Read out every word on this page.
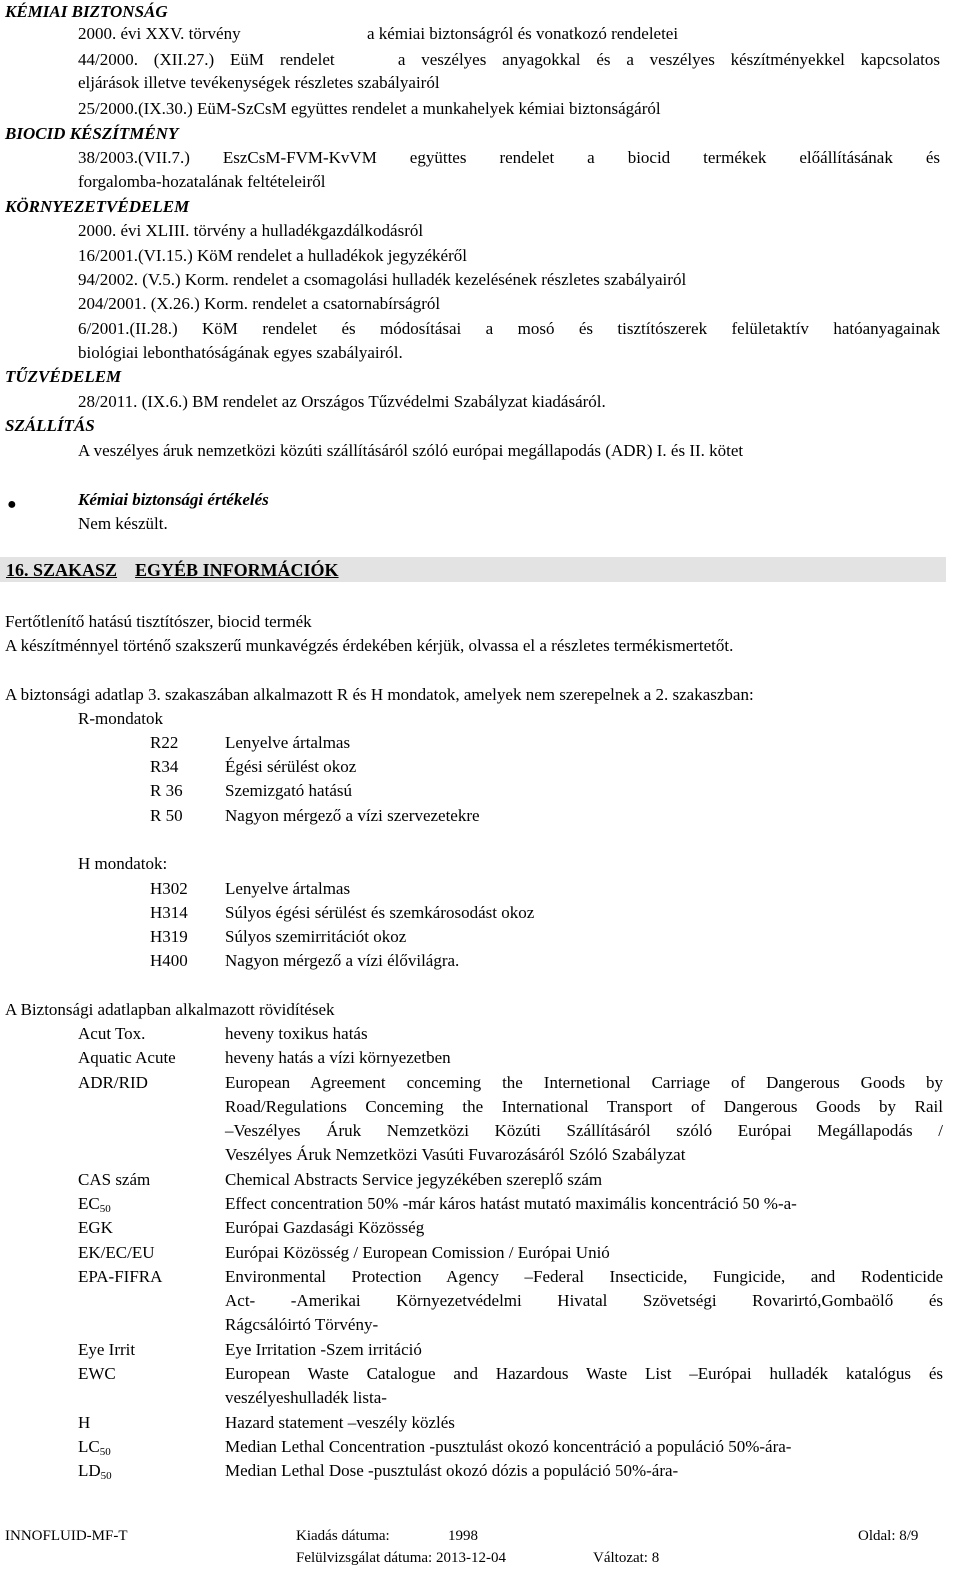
KÉMIAI BIZTONSÁG
2000. évi XXV. törvény	a kémiai biztonságról és vonatkozó rendeletei
44/2000. (XII.27.) EüM rendelet    a veszélyes anyagokkal és a veszélyes készítményekkel kapcsolatos
eljárások illetve tevékenységek részletes szabályairól
25/2000.(IX.30.) EüM-SzCsM együttes rendelet a munkahelyek kémiai biztonságáról
BIOCID KÉSZÍTMÉNY
38/2003.(VII.7.) EszCsM-FVM-KvVM együttes rendelet a biocid termékek előállításának és
forgalomba-hozatalának feltételeiről
KÖRNYEZETVÉDELEM
2000. évi XLIII. törvény a hulladékgazdálkodásról
16/2001.(VI.15.) KöM rendelet a hulladékok jegyzékéről
94/2002. (V.5.) Korm. rendelet a csomagolási hulladék kezelésének részletes szabályairól
204/2001. (X.26.) Korm. rendelet a csatornabírságról
6/2001.(II.28.) KöM rendelet és módosításai a mosó és tisztítószerek felületaktív hatóanyagainak
biológiai lebonthatóságának egyes szabályairól.
TŰZVÉDELEM
28/2011. (IX.6.) BM rendelet az Országos Tűzvédelmi Szabályzat kiadásáról.
SZÁLLÍTÁS
A veszélyes áruk nemzetközi közúti szállításáról szóló európai megállapodás (ADR) I. és II. kötet
●	Kémiai biztonsági értékelés
Nem készült.
16. SZAKASZ EGYÉB INFORMÁCIÓK
Fertőtlenítő hatású tisztítószer, biocid termék
A készítménnyel történő szakszerű munkavégzés érdekében kérjük, olvassa el a részletes termékismertetőt.
A biztonsági adatlap 3. szakaszában alkalmazott R és H mondatok, amelyek nem szerepelnek a 2. szakaszban:
R-mondatok
R22	Lenyelve ártalmas
R34	Égési sérülést okoz
R 36 Szemizgató hatású
R 50 Nagyon mérgező a vízi szervezetekre
H mondatok:
H302 Lenyelve ártalmas
H314 Súlyos égési sérülést és szemkárosodást okoz
H319 Súlyos szemirritációt okoz
H400 Nagyon mérgező a vízi élővilágra.
A Biztonsági adatlapban alkalmazott rövidítések
Acut Tox.	heveny toxikus hatás
Aquatic Acute	heveny hatás a vízi környezetben
ADR/RID	European Agreement conceming the Internetional Carriage of Dangerous Goods by
Road/Regulations Conceming the International Transport of Dangerous Goods by Rail
–Veszélyes Áruk Nemzetközi Közúti Szállításáról szóló Európai Megállapodás /
Veszélyes Áruk Nemzetközi Vasúti Fuvarozásáról Szóló Szabályzat
CAS szám	Chemical Abstracts Service jegyzékében szereplő szám
$EC_{50}$	Effect concentration 50% -már káros hatást mutató maximális koncentráció 50 %-a-
EGK	Európai Gazdasági Közösség
EK/EC/EU	Európai Közösség / European Comission / Európai Unió
EPA-FIFRA	Environmental Protection Agency –Federal Insecticide, Fungicide, and Rodenticide
Act- -Amerikai Környezetvédelmi Hivatal Szövetségi Rovarirtó,Gombaölő és
Rágcsálóirtó Törvény-
Eye Irrit	Eye Irritation -Szem irritáció
EWC	European Waste Catalogue and Hazardous Waste List –Európai hulladék katalógus és
veszélyeshulladék lista-
H	Hazard statement –veszély közlés
$LC_{50}$	Median Lethal Concentration -pusztulást okozó koncentráció a populáció 50%-ára-
$LD_{50}$	Median Lethal Dose -pusztulást okozó dózis a populáció 50%-ára-
INNOFLUID-MF-T	Kiadás dátuma:	1998	Oldal: 8/9
Felülvizsgálat dátuma: 2013-12-04	Változat: 8
